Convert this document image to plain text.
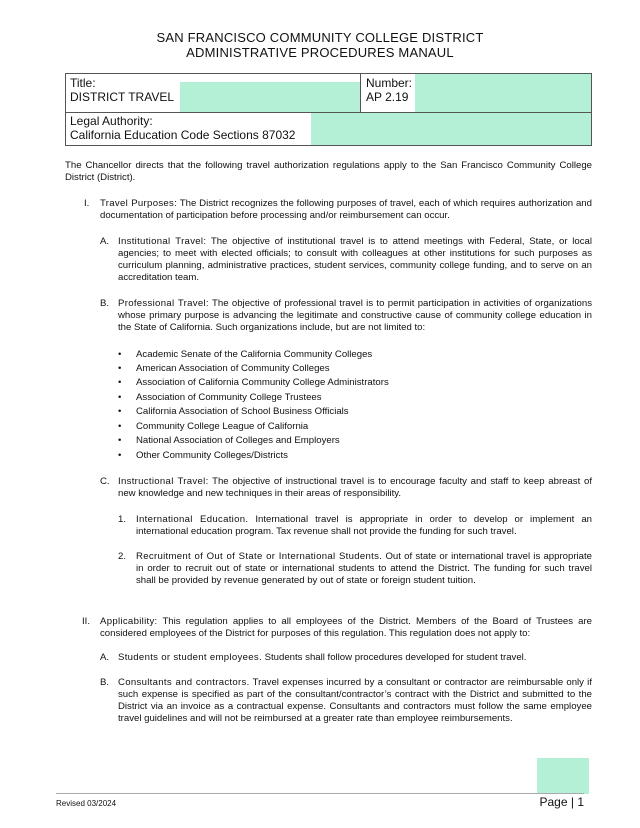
SAN FRANCISCO COMMUNITY COLLEGE DISTRICT
ADMINISTRATIVE PROCEDURES MANAUL
Title:
DISTRICT TRAVEL
Number:
AP 2.19
Legal Authority:
California Education Code Sections 87032
The Chancellor directs that the following travel authorization regulations apply to the San Francisco Community College District (District).
I. Travel Purposes: The District recognizes the following purposes of travel, each of which requires authorization and documentation of participation before processing and/or reimbursement can occur.
A. Institutional Travel: The objective of institutional travel is to attend meetings with Federal, State, or local agencies; to meet with elected officials; to consult with colleagues at other institutions for such purposes as curriculum planning, administrative practices, student services, community college funding, and to serve on an accreditation team.
B. Professional Travel: The objective of professional travel is to permit participation in activities of organizations whose primary purpose is advancing the legitimate and constructive cause of community college education in the State of California. Such organizations include, but are not limited to:
• Academic Senate of the California Community Colleges
• American Association of Community Colleges
• Association of California Community College Administrators
• Association of Community College Trustees
• California Association of School Business Officials
• Community College League of California
• National Association of Colleges and Employers
• Other Community Colleges/Districts
C. Instructional Travel: The objective of instructional travel is to encourage faculty and staff to keep abreast of new knowledge and new techniques in their areas of responsibility.
1. International Education. International travel is appropriate in order to develop or implement an international education program. Tax revenue shall not provide the funding for such travel.
2. Recruitment of Out of State or International Students. Out of state or international travel is appropriate in order to recruit out of state or international students to attend the District. The funding for such travel shall be provided by revenue generated by out of state or foreign student tuition.
II. Applicability: This regulation applies to all employees of the District. Members of the Board of Trustees are considered employees of the District for purposes of this regulation. This regulation does not apply to:
A. Students or student employees. Students shall follow procedures developed for student travel.
B. Consultants and contractors. Travel expenses incurred by a consultant or contractor are reimbursable only if such expense is specified as part of the consultant/contractor’s contract with the District and submitted to the District via an invoice as a contractual expense. Consultants and contractors must follow the same employee travel guidelines and will not be reimbursed at a greater rate than employee reimbursements.
Revised 03/2024	Page | 1
